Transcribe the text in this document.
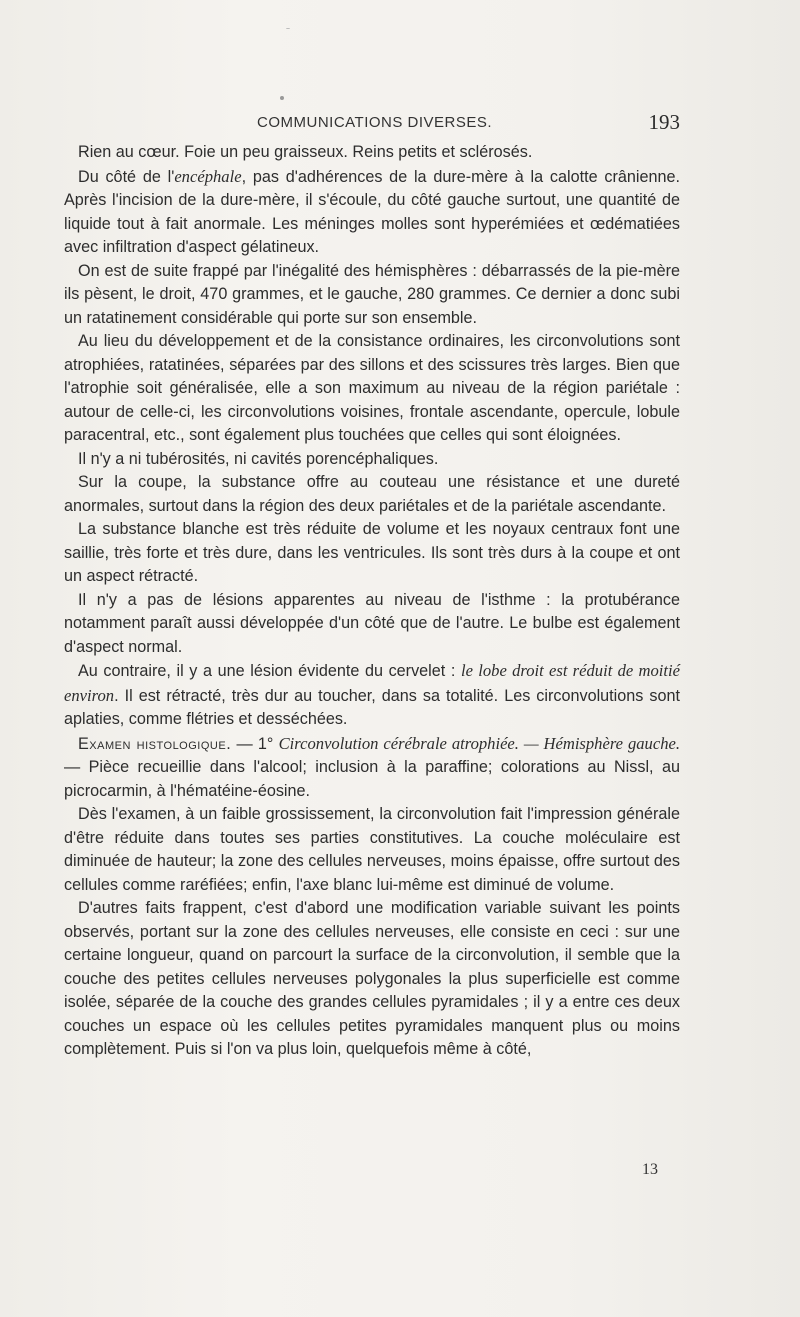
COMMUNICATIONS DIVERSES.	193

Rien au cœur. Foie un peu graisseux. Reins petits et sclérosés.

Du côté de l'encéphale, pas d'adhérences de la dure-mère à la calotte crânienne. Après l'incision de la dure-mère, il s'écoule, du côté gauche surtout, une quantité de liquide tout à fait anormale. Les méninges molles sont hyperémiées et œdématiées avec infiltration d'aspect gélatineux.

On est de suite frappé par l'inégalité des hémisphères : débarrassés de la pie-mère ils pèsent, le droit, 470 grammes, et le gauche, 280 grammes. Ce dernier a donc subi un ratatinement considérable qui porte sur son ensemble.

Au lieu du développement et de la consistance ordinaires, les circonvolutions sont atrophiées, ratatinées, séparées par des sillons et des scissures très larges. Bien que l'atrophie soit généralisée, elle a son maximum au niveau de la région pariétale : autour de celle-ci, les circonvolutions voisines, frontale ascendante, opercule, lobule paracentral, etc., sont également plus touchées que celles qui sont éloignées.

Il n'y a ni tubérosités, ni cavités porencéphaliques.

Sur la coupe, la substance offre au couteau une résistance et une dureté anormales, surtout dans la région des deux pariétales et de la pariétale ascendante.

La substance blanche est très réduite de volume et les noyaux centraux font une saillie, très forte et très dure, dans les ventricules. Ils sont très durs à la coupe et ont un aspect rétracté.

Il n'y a pas de lésions apparentes au niveau de l'isthme : la protubérance notamment paraît aussi développée d'un côté que de l'autre. Le bulbe est également d'aspect normal.

Au contraire, il y a une lésion évidente du cervelet : le lobe droit est réduit de moitié environ. Il est rétracté, très dur au toucher, dans sa totalité. Les circonvolutions sont aplaties, comme flétries et desséchées.

Examen histologique. — 1° Circonvolution cérébrale atrophiée. — Hémisphère gauche.— Pièce recueillie dans l'alcool; inclusion à la paraffine; colorations au Nissl, au picrocarmin, à l'hématéine-éosine.

Dès l'examen, à un faible grossissement, la circonvolution fait l'impression générale d'être réduite dans toutes ses parties constitutives. La couche moléculaire est diminuée de hauteur; la zone des cellules nerveuses, moins épaisse, offre surtout des cellules comme raréfiées; enfin, l'axe blanc lui-même est diminué de volume.

D'autres faits frappent, c'est d'abord une modification variable suivant les points observés, portant sur la zone des cellules nerveuses, elle consiste en ceci : sur une certaine longueur, quand on parcourt la surface de la circonvolution, il semble que la couche des petites cellules nerveuses polygonales la plus superficielle est comme isolée, séparée de la couche des grandes cellules pyramidales ; il y a entre ces deux couches un espace où les cellules petites pyramidales manquent plus ou moins complètement. Puis si l'on va plus loin, quelquefois même à côté,

13
